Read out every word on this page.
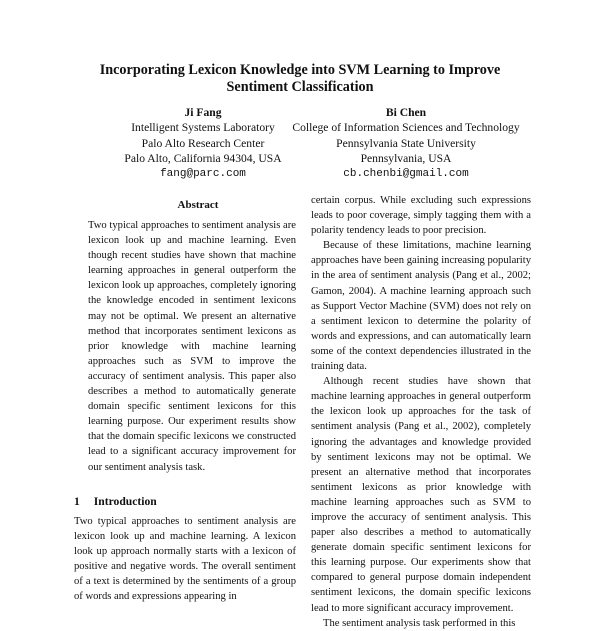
Incorporating Lexicon Knowledge into SVM Learning to Improve
Sentiment Classification
Ji Fang
Intelligent Systems Laboratory
Palo Alto Research Center
Palo Alto, California 94304, USA
fang@parc.com
Bi Chen
College of Information Sciences and Technology
Pennsylvania State University
Pennsylvania, USA
cb.chenbi@gmail.com
Abstract

Two typical approaches to sentiment analysis are lexicon look up and machine learning. Even though recent studies have shown that machine learning approaches in general outperform the lexicon look up approaches, completely ignoring the knowledge encoded in sentiment lexicons may not be optimal. We present an alternative method that incorporates sentiment lexicons as prior knowledge with machine learning approaches such as SVM to improve the accuracy of sentiment analysis. This paper also describes a method to automatically generate domain specific sentiment lexicons for this learning purpose. Our experiment results show that the domain specific lexicons we constructed lead to a significant accuracy improvement for our sentiment analysis task.

1 Introduction

Two typical approaches to sentiment analysis are lexicon look up and machine learning. A lexicon look up approach normally starts with a lexicon of positive and negative words. The overall sentiment of a text is determined by the sentiments of a group of words and expressions appearing in

certain corpus. While excluding such expressions leads to poor coverage, simply tagging them with a polarity tendency leads to poor precision.

Because of these limitations, machine learning approaches have been gaining increasing popularity in the area of sentiment analysis (Pang et al., 2002; Gamon, 2004). A machine learning approach such as Support Vector Machine (SVM) does not rely on a sentiment lexicon to determine the polarity of words and expressions, and can automatically learn some of the context dependencies illustrated in the training data.

Although recent studies have shown that machine learning approaches in general outperform the lexicon look up approaches for the task of sentiment analysis (Pang et al., 2002), completely ignoring the advantages and knowledge provided by sentiment lexicons may not be optimal. We present an alternative method that incorporates sentiment lexicons as prior knowledge with machine learning approaches such as SVM to improve the accuracy of sentiment analysis. This paper also describes a method to automatically generate domain specific sentiment lexicons for this learning purpose. Our experiments show that compared to general purpose domain independent sentiment lexicons, the domain specific lexicons lead to more significant accuracy improvement.

The sentiment analysis task performed in this
